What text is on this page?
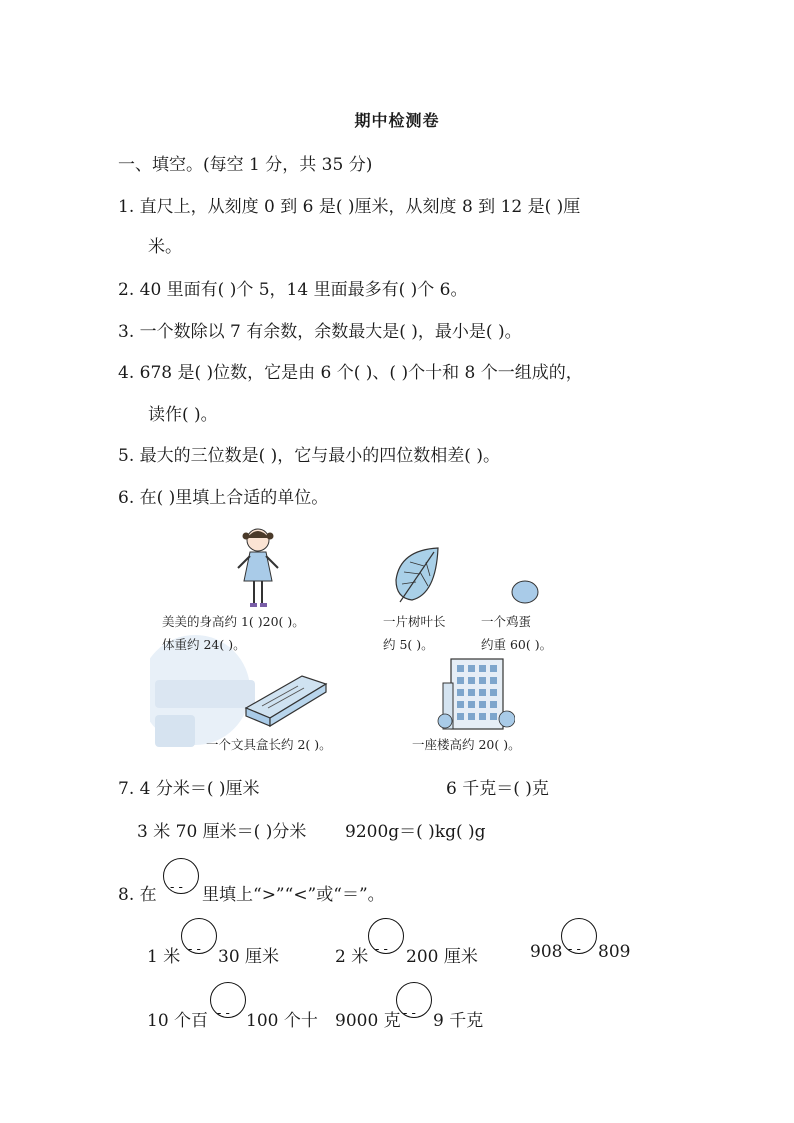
期中检测卷
一、填空。(每空 1 分，共 35 分)
1. 直尺上，从刻度 0 到 6 是( )厘米，从刻度 8 到 12 是( )厘
米。
2. 40 里面有( )个 5，14 里面最多有( )个 6。
3. 一个数除以 7 有余数，余数最大是( )，最小是( )。
4. 678 是( )位数，它是由 6 个( )、( )个十和 8 个一组成的，
读作( )。
5. 最大的三位数是( )，它与最小的四位数相差( )。
6. 在( )里填上合适的单位。
美美的身高约 1( )20( )。
体重约 24( )。
一片树叶长
约 5( )。
一个鸡蛋
约重 60( )。
一个文具盒长约 2( )。	一座楼高约 20( )。
7. 4 分米＝( )厘米	6 千克＝( )克
3 米 70 厘米＝( )分米 9200g＝( )kg( )g
8. 在 - - 里填上“>”“<”或“＝”。
1 米 - - 30 厘米	2 米 - - 200 厘米	908 - - 809
10 个百 - - 100 个十 9000 克 - - 9 千克
